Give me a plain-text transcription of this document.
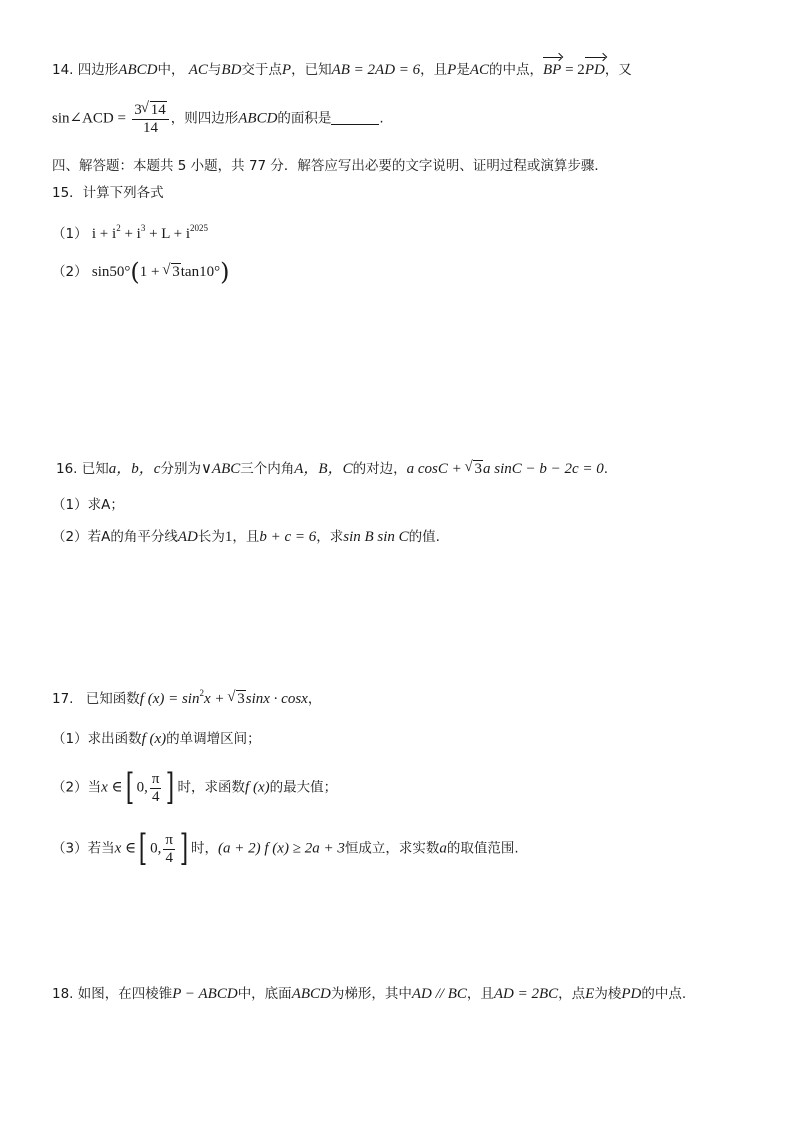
14. 四边形ABCD中， AC与BD交于点P，已知AB = 2AD = 6，且P是AC的中点，BP = 2PD，又
sin∠ACD = $\frac{3√ 14}{14}$ ，则四边形ABCD的面积是	.
四、解答题：本题共 5 小题，共 77 分．解答应写出必要的文字说明、证明过程或演算步骤．
15．计算下列各式
（1） $i + i^2 + i^3 + L + i^{2025}$
（2） sin50°(1 + √ 3tan10°)
16. 已知a，b，c分别为∨ABC三个内角A，B，C的对边，a cosC + √ 3a sinC − b − 2c = 0.
（1）求A；
（2）若A的角平分线AD长为1，且b + c = 6，求sin B sin C的值.
17. 已知函数f $(x) = \sin^2x$ + √ 3sinx · cosx，
（1）求出函数f (x)的单调增区间；
（2）当x ∈[ 0, $\frac{\pi}{4}$ ] 时，求函数f (x)的最大值；
（3）若当x ∈[ 0, $\frac{\pi}{4}$ ] 时，(a + 2) f (x) ≥ 2a + 3恒成立，求实数a的取值范围.
18. 如图，在四棱锥P − ABCD中，底面ABCD为梯形，其中AD // BC，且AD = 2BC，点E为棱PD的中点.
